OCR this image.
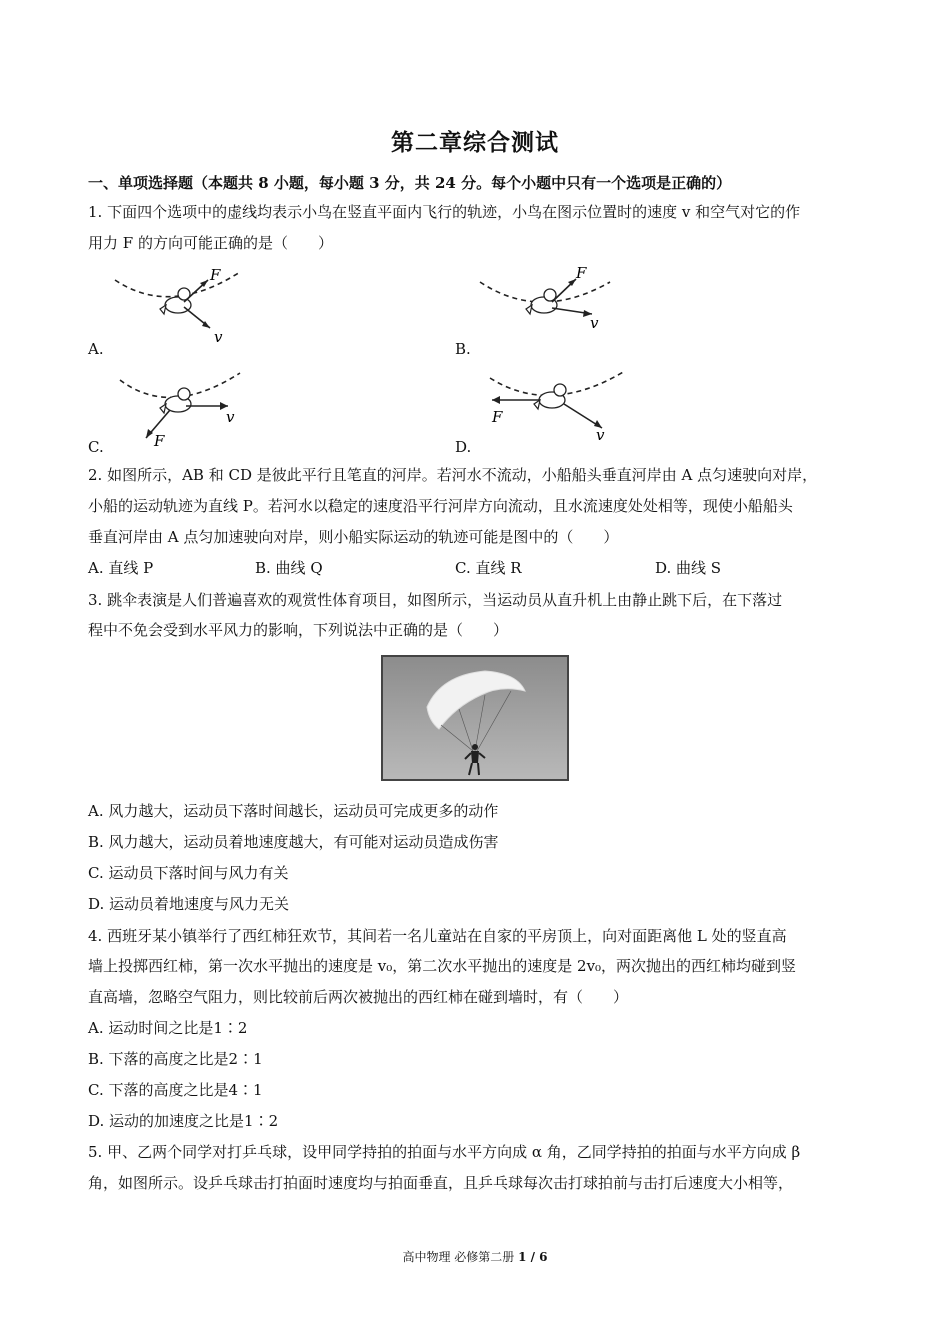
第二章综合测试
一、单项选择题（本题共 8 小题，每小题 3 分，共 24 分。每个小题中只有一个选项是正确的）
1. 下面四个选项中的虚线均表示小鸟在竖直平面内飞行的轨迹，小鸟在图示位置时的速度 v 和空气对它的作
用力 F 的方向可能正确的是（　　）
F
v
A.
F
v
B.
v
F
C.
F
v
D.
2. 如图所示，AB 和 CD 是彼此平行且笔直的河岸。若河水不流动，小船船头垂直河岸由 A 点匀速驶向对岸，
小船的运动轨迹为直线 P。若河水以稳定的速度沿平行河岸方向流动，且水流速度处处相等，现使小船船头
垂直河岸由 A 点匀加速驶向对岸，则小船实际运动的轨迹可能是图中的（　　）
A. 直线 P	B. 曲线 Q	C. 直线 R	D. 曲线 S
3. 跳伞表演是人们普遍喜欢的观赏性体育项目，如图所示，当运动员从直升机上由静止跳下后，在下落过
程中不免会受到水平风力的影响，下列说法中正确的是（　　）
A. 风力越大，运动员下落时间越长，运动员可完成更多的动作
B. 风力越大，运动员着地速度越大，有可能对运动员造成伤害
C. 运动员下落时间与风力有关
D. 运动员着地速度与风力无关
4. 西班牙某小镇举行了西红柿狂欢节，其间若一名儿童站在自家的平房顶上，向对面距离他 L 处的竖直高
墙上投掷西红柿，第一次水平抛出的速度是 v₀，第二次水平抛出的速度是 2v₀，两次抛出的西红柿均碰到竖
直高墙，忽略空气阻力，则比较前后两次被抛出的西红柿在碰到墙时，有（　　）
A. 运动时间之比是1∶2
B. 下落的高度之比是2∶1
C. 下落的高度之比是4∶1
D. 运动的加速度之比是1∶2
5. 甲、乙两个同学对打乒乓球，设甲同学持拍的拍面与水平方向成 α 角，乙同学持拍的拍面与水平方向成 β
角，如图所示。设乒乓球击打拍面时速度均与拍面垂直，且乒乓球每次击打球拍前与击打后速度大小相等，
高中物理 必修第二册 1 / 6
